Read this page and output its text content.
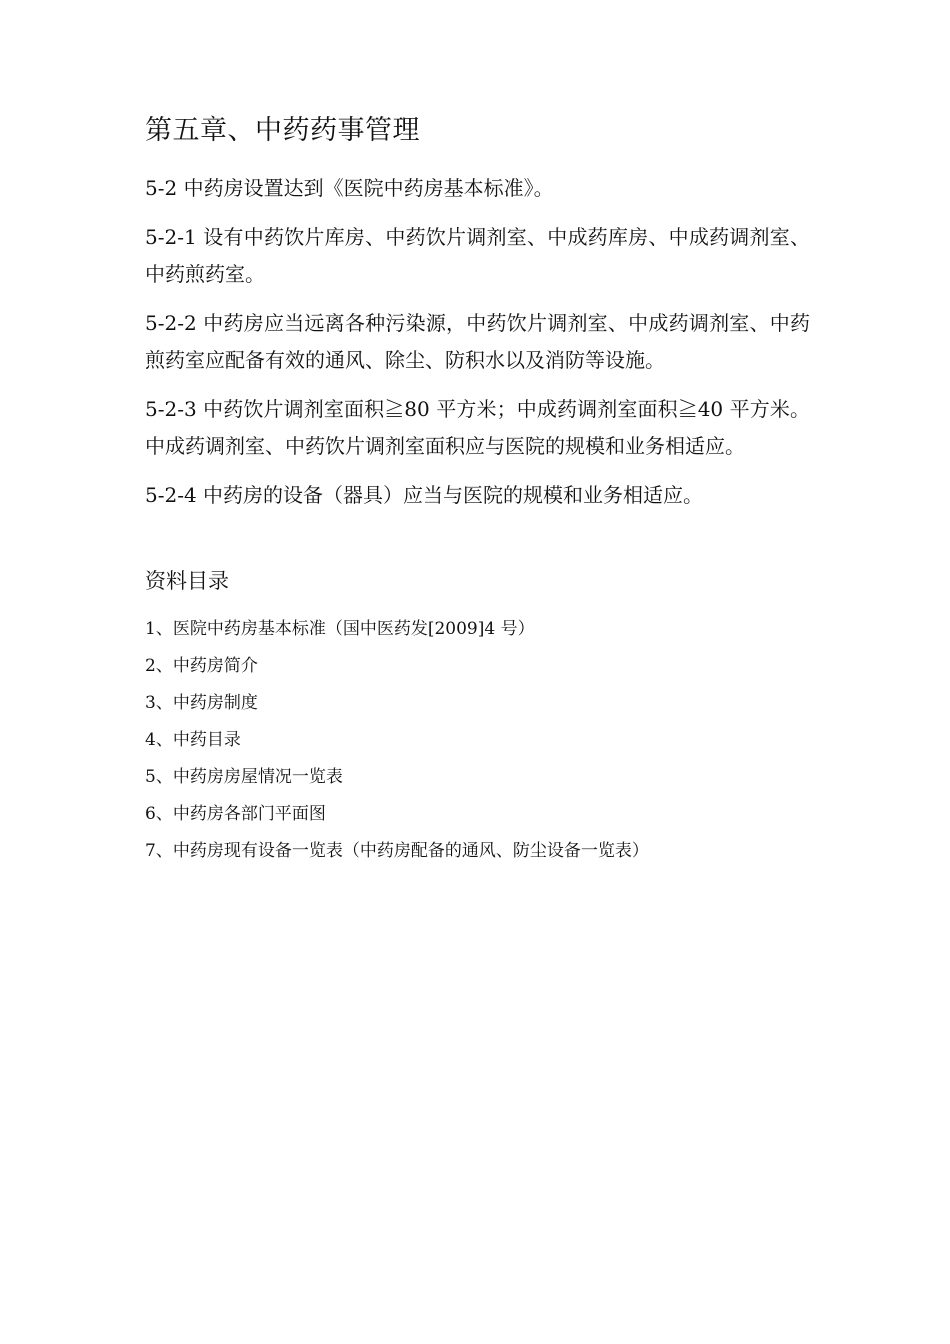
第五章、中药药事管理

5-2 中药房设置达到《医院中药房基本标准》。

5-2-1 设有中药饮片库房、中药饮片调剂室、中成药库房、中成药调剂室、中药煎药室。

5-2-2 中药房应当远离各种污染源，中药饮片调剂室、中成药调剂室、中药煎药室应配备有效的通风、除尘、防积水以及消防等设施。

5-2-3 中药饮片调剂室面积≧80 平方米；中成药调剂室面积≧40 平方米。中成药调剂室、中药饮片调剂室面积应与医院的规模和业务相适应。

5-2-4 中药房的设备（器具）应当与医院的规模和业务相适应。

资料目录
1、医院中药房基本标准（国中医药发[2009]4 号）
2、中药房简介
3、中药房制度
4、中药目录
5、中药房房屋情况一览表
6、中药房各部门平面图
7、中药房现有设备一览表（中药房配备的通风、防尘设备一览表）
